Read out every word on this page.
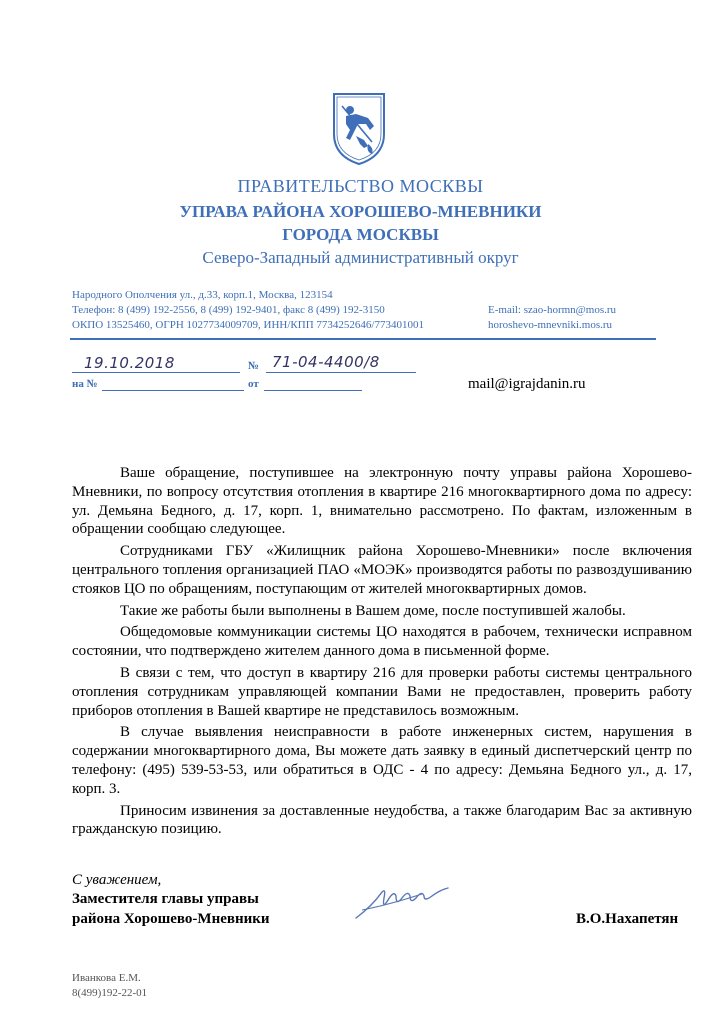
ПРАВИТЕЛЬСТВО МОСКВЫ
УПРАВА РАЙОНА ХОРОШЕВО-МНЕВНИКИ
ГОРОДА МОСКВЫ
Северо-Западный административный округ
Народного Ополчения ул., д.33, корп.1, Москва, 123154
Телефон: 8 (499) 192-2556, 8 (499) 192-9401, факс 8 (499) 192-3150
ОКПО 13525460, ОГРН 1027734009709, ИНН/КПП 7734252646/773401001
E-mail: szao-hormn@mos.ru
horoshevo-mnevniki.mos.ru
19.10.2018	№ 71-04-4400/8
на №	от	mail@igrajdanin.ru

Ваше обращение, поступившее на электронную почту управы района Хорошево-Мневники, по вопросу отсутствия отопления в квартире 216 многоквартирного дома по адресу: ул. Демьяна Бедного, д. 17, корп. 1, внимательно рассмотрено. По фактам, изложенным в обращении сообщаю следующее.

Сотрудниками ГБУ «Жилищник района Хорошево-Мневники» после включения центрального топления организацией ПАО «МОЭК» производятся работы по развоздушиванию стояков ЦО по обращениям, поступающим от жителей многоквартирных домов.

Такие же работы были выполнены в Вашем доме, после поступившей жалобы.

Общедомовые коммуникации системы ЦО находятся в рабочем, технически исправном состоянии, что подтверждено жителем данного дома в письменной форме.

В связи с тем, что доступ в квартиру 216 для проверки работы системы центрального отопления сотрудникам управляющей компании Вами не предоставлен, проверить работу приборов отопления в Вашей квартире не представилось возможным.

В случае выявления неисправности в работе инженерных систем, нарушения в содержании многоквартирного дома, Вы можете дать заявку в единый диспетчерский центр по телефону: (495) 539-53-53, или обратиться в ОДС - 4 по адресу: Демьяна Бедного ул., д. 17, корп. 3.

Приносим извинения за доставленные неудобства, а также благодарим Вас за активную гражданскую позицию.

С уважением,
Заместителя главы управы
района Хорошево-Мневники	В.О.Нахапетян
Иванкова Е.М.
8(499)192-22-01
